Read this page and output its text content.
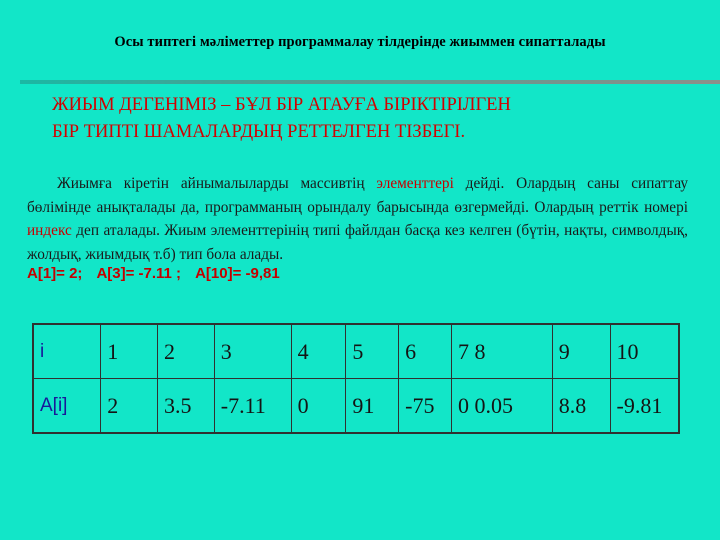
Осы типтегі мәліметтер программалау тілдерінде жиыммен сипатталады
ЖИЫМ ДЕГЕНІМІЗ – БҰЛ БІР АТАУҒА БІРІКТІРІЛГЕН
БІР ТИПТІ ШАМАЛАРДЫҢ РЕТТЕЛГЕН ТІЗБЕГІ.

Жиымға кіретін айнымалыларды массивтің элементтері дейді. Олардың саны сипаттау бөлімінде анықталады да, программаның орындалу барысында өзгермейді. Олардың реттік номері индекс деп аталады. Жиым элементтерінің типі файлдан басқа кез келген (бүтін, нақты, символдық, жолдық, жиымдық т.б) тип бола алады.

A[1]= 2; A[3]= -7.11 ; A[10]= -9,81
i	1	2	3	4	5	6	7 8	9	10
A[i]	2	3.5	-7.11	0	91	-75	0 0.05	8.8	-9.81
